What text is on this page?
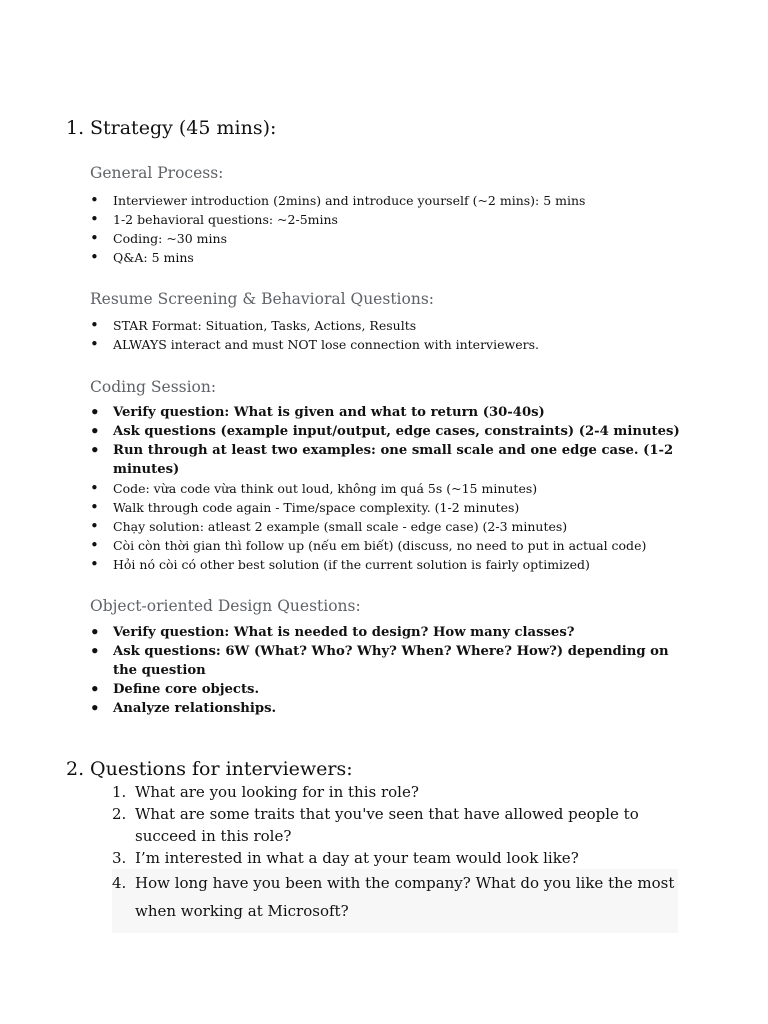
1. Strategy (45 mins):
General Process:
• Interviewer introduction (2mins) and introduce yourself (~2 mins): 5 mins
• 1-2 behavioral questions: ~2-5mins
• Coding: ~30 mins
• Q&A: 5 mins
Resume Screening & Behavioral Questions:
• STAR Format: Situation, Tasks, Actions, Results
• ALWAYS interact and must NOT lose connection with interviewers.
Coding Session:
• Verify question: What is given and what to return (30-40s)
• Ask questions (example input/output, edge cases, constraints) (2-4 minutes)
• Run through at least two examples: one small scale and one edge case. (1-2 minutes)
• Code: vừa code vừa think out loud, không im quá 5s (~15 minutes)
• Walk through code again - Time/space complexity. (1-2 minutes)
• Chạy solution: atleast 2 example (small scale - edge case) (2-3 minutes)
• Còi còn thời gian thì follow up (nếu em biết) (discuss, no need to put in actual code)
• Hỏi nó còi có other best solution (if the current solution is fairly optimized)
Object-oriented Design Questions:
• Verify question: What is needed to design? How many classes?
• Ask questions: 6W (What? Who? Why? When? Where? How?) depending on the question
• Define core objects.
• Analyze relationships.
2. Questions for interviewers:
1. What are you looking for in this role?
2. What are some traits that you've seen that have allowed people to succeed in this role?
3. I’m interested in what a day at your team would look like?
4. How long have you been with the company? What do you like the most when working at Microsoft?
